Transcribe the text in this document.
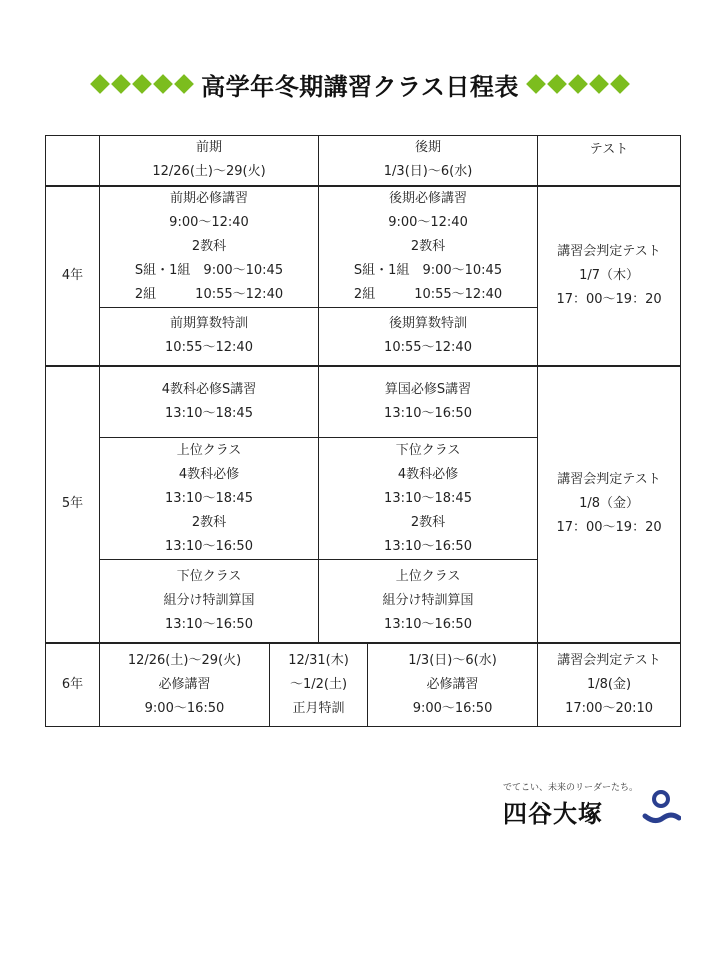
高学年冬期講習クラス日程表

	前期
12/26(土)～29(火)		後期
1/3(日)～6(水)		テスト

4年	前期必修講習
9:00～12:40
2教科
S組・1組　9:00～10:45
2組　　　10:55～12:40		後期必修講習
9:00～12:40
2教科
S組・1組　9:00～10:45
2組　　　10:55～12:40		講習会判定テスト
1/7（木）
17：00～19：20

	前期算数特訓
10:55～12:40		後期算数特訓
10:55～12:40		

5年	4教科必修S講習
13:10～18:45		算国必修S講習
13:10～16:50		講習会判定テスト
1/8（金）
17：00～19：20

	上位クラス
4教科必修
13:10～18:45
2教科
13:10～16:50		下位クラス
4教科必修
13:10～18:45
2教科
13:10～16:50		

	下位クラス
組分け特訓算国
13:10～16:50		上位クラス
組分け特訓算国
13:10～16:50		

6年	12/26(土)～29(火)
必修講習
9:00～16:50	12/31(木)
～1/2(土)
正月特訓		1/3(日)～6(水)
必修講習
9:00～16:50	講習会判定テスト
1/8(金)
17:00～20:10
でてこい、未来のリーダーたち。
四谷大塚
